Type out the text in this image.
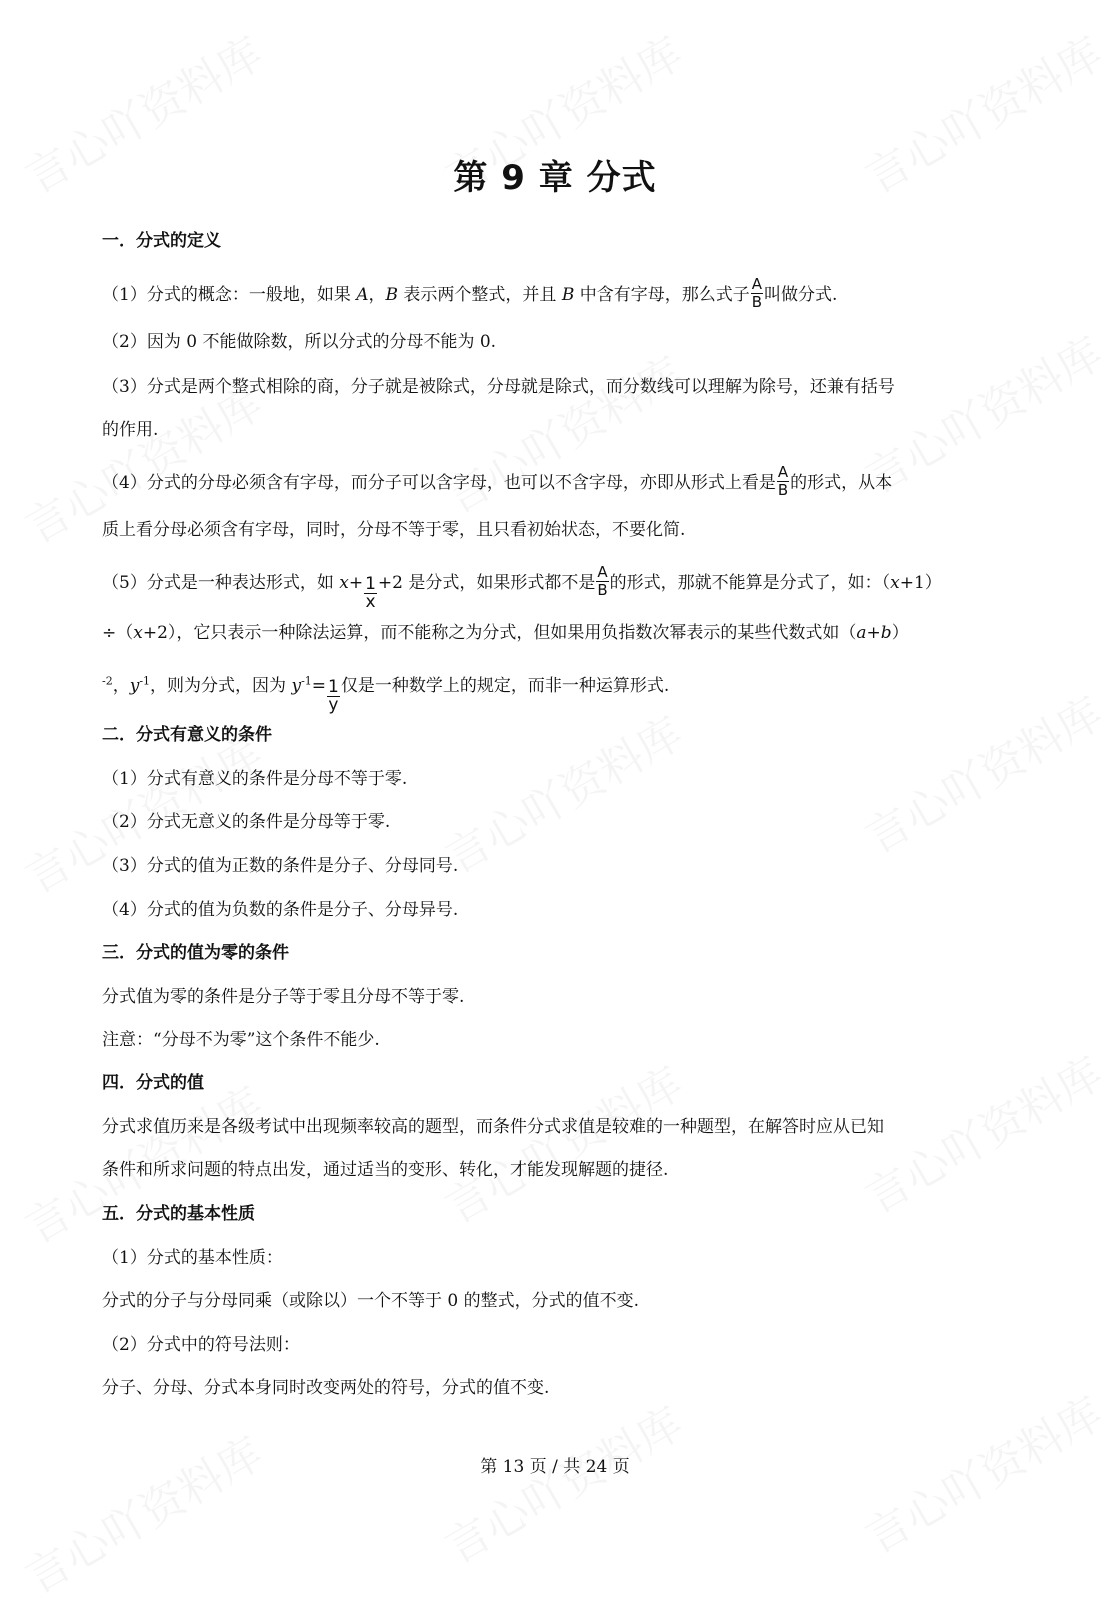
第 9 章 分式
一．分式的定义
（1）分式的概念：一般地，如果 A，B 表示两个整式，并且 B 中含有字母，那么式子 $\frac{A}{B}$ 叫做分式.
（2）因为 0 不能做除数，所以分式的分母不能为 0.
（3）分式是两个整式相除的商，分子就是被除式，分母就是除式，而分数线可以理解为除号，还兼有括号
的作用.
（4）分式的分母必须含有字母，而分子可以含字母，也可以不含字母，亦即从形式上看是 $\frac{A}{B}$ 的形式，从本
质上看分母必须含有字母，同时，分母不等于零，且只看初始状态，不要化简.
（5）分式是一种表达形式，如 $x+ \frac{1}{x} +2$ 是分式，如果形式都不是 $\frac{A}{B}$ 的形式，那就不能算是分式了，如：（x+1）
÷（x+2），它只表示一种除法运算，而不能称之为分式，但如果用负指数次幂表示的某些代数式如（a+b）
$^{-2}$，$y^{-1}$，则为分式，因为 $y^{-1}= \frac{1}{y}$ 仅是一种数学上的规定，而非一种运算形式.
二．分式有意义的条件
（1）分式有意义的条件是分母不等于零.
（2）分式无意义的条件是分母等于零.
（3）分式的值为正数的条件是分子、分母同号.
（4）分式的值为负数的条件是分子、分母异号.
三．分式的值为零的条件
分式值为零的条件是分子等于零且分母不等于零.
注意：“分母不为零”这个条件不能少.
四．分式的值
分式求值历来是各级考试中出现频率较高的题型，而条件分式求值是较难的一种题型，在解答时应从已知
条件和所求问题的特点出发，通过适当的变形、转化，才能发现解题的捷径.
五．分式的基本性质
（1）分式的基本性质：
分式的分子与分母同乘（或除以）一个不等于 0 的整式，分式的值不变.
（2）分式中的符号法则：
分子、分母、分式本身同时改变两处的符号，分式的值不变.
第 13 页 / 共 24 页
